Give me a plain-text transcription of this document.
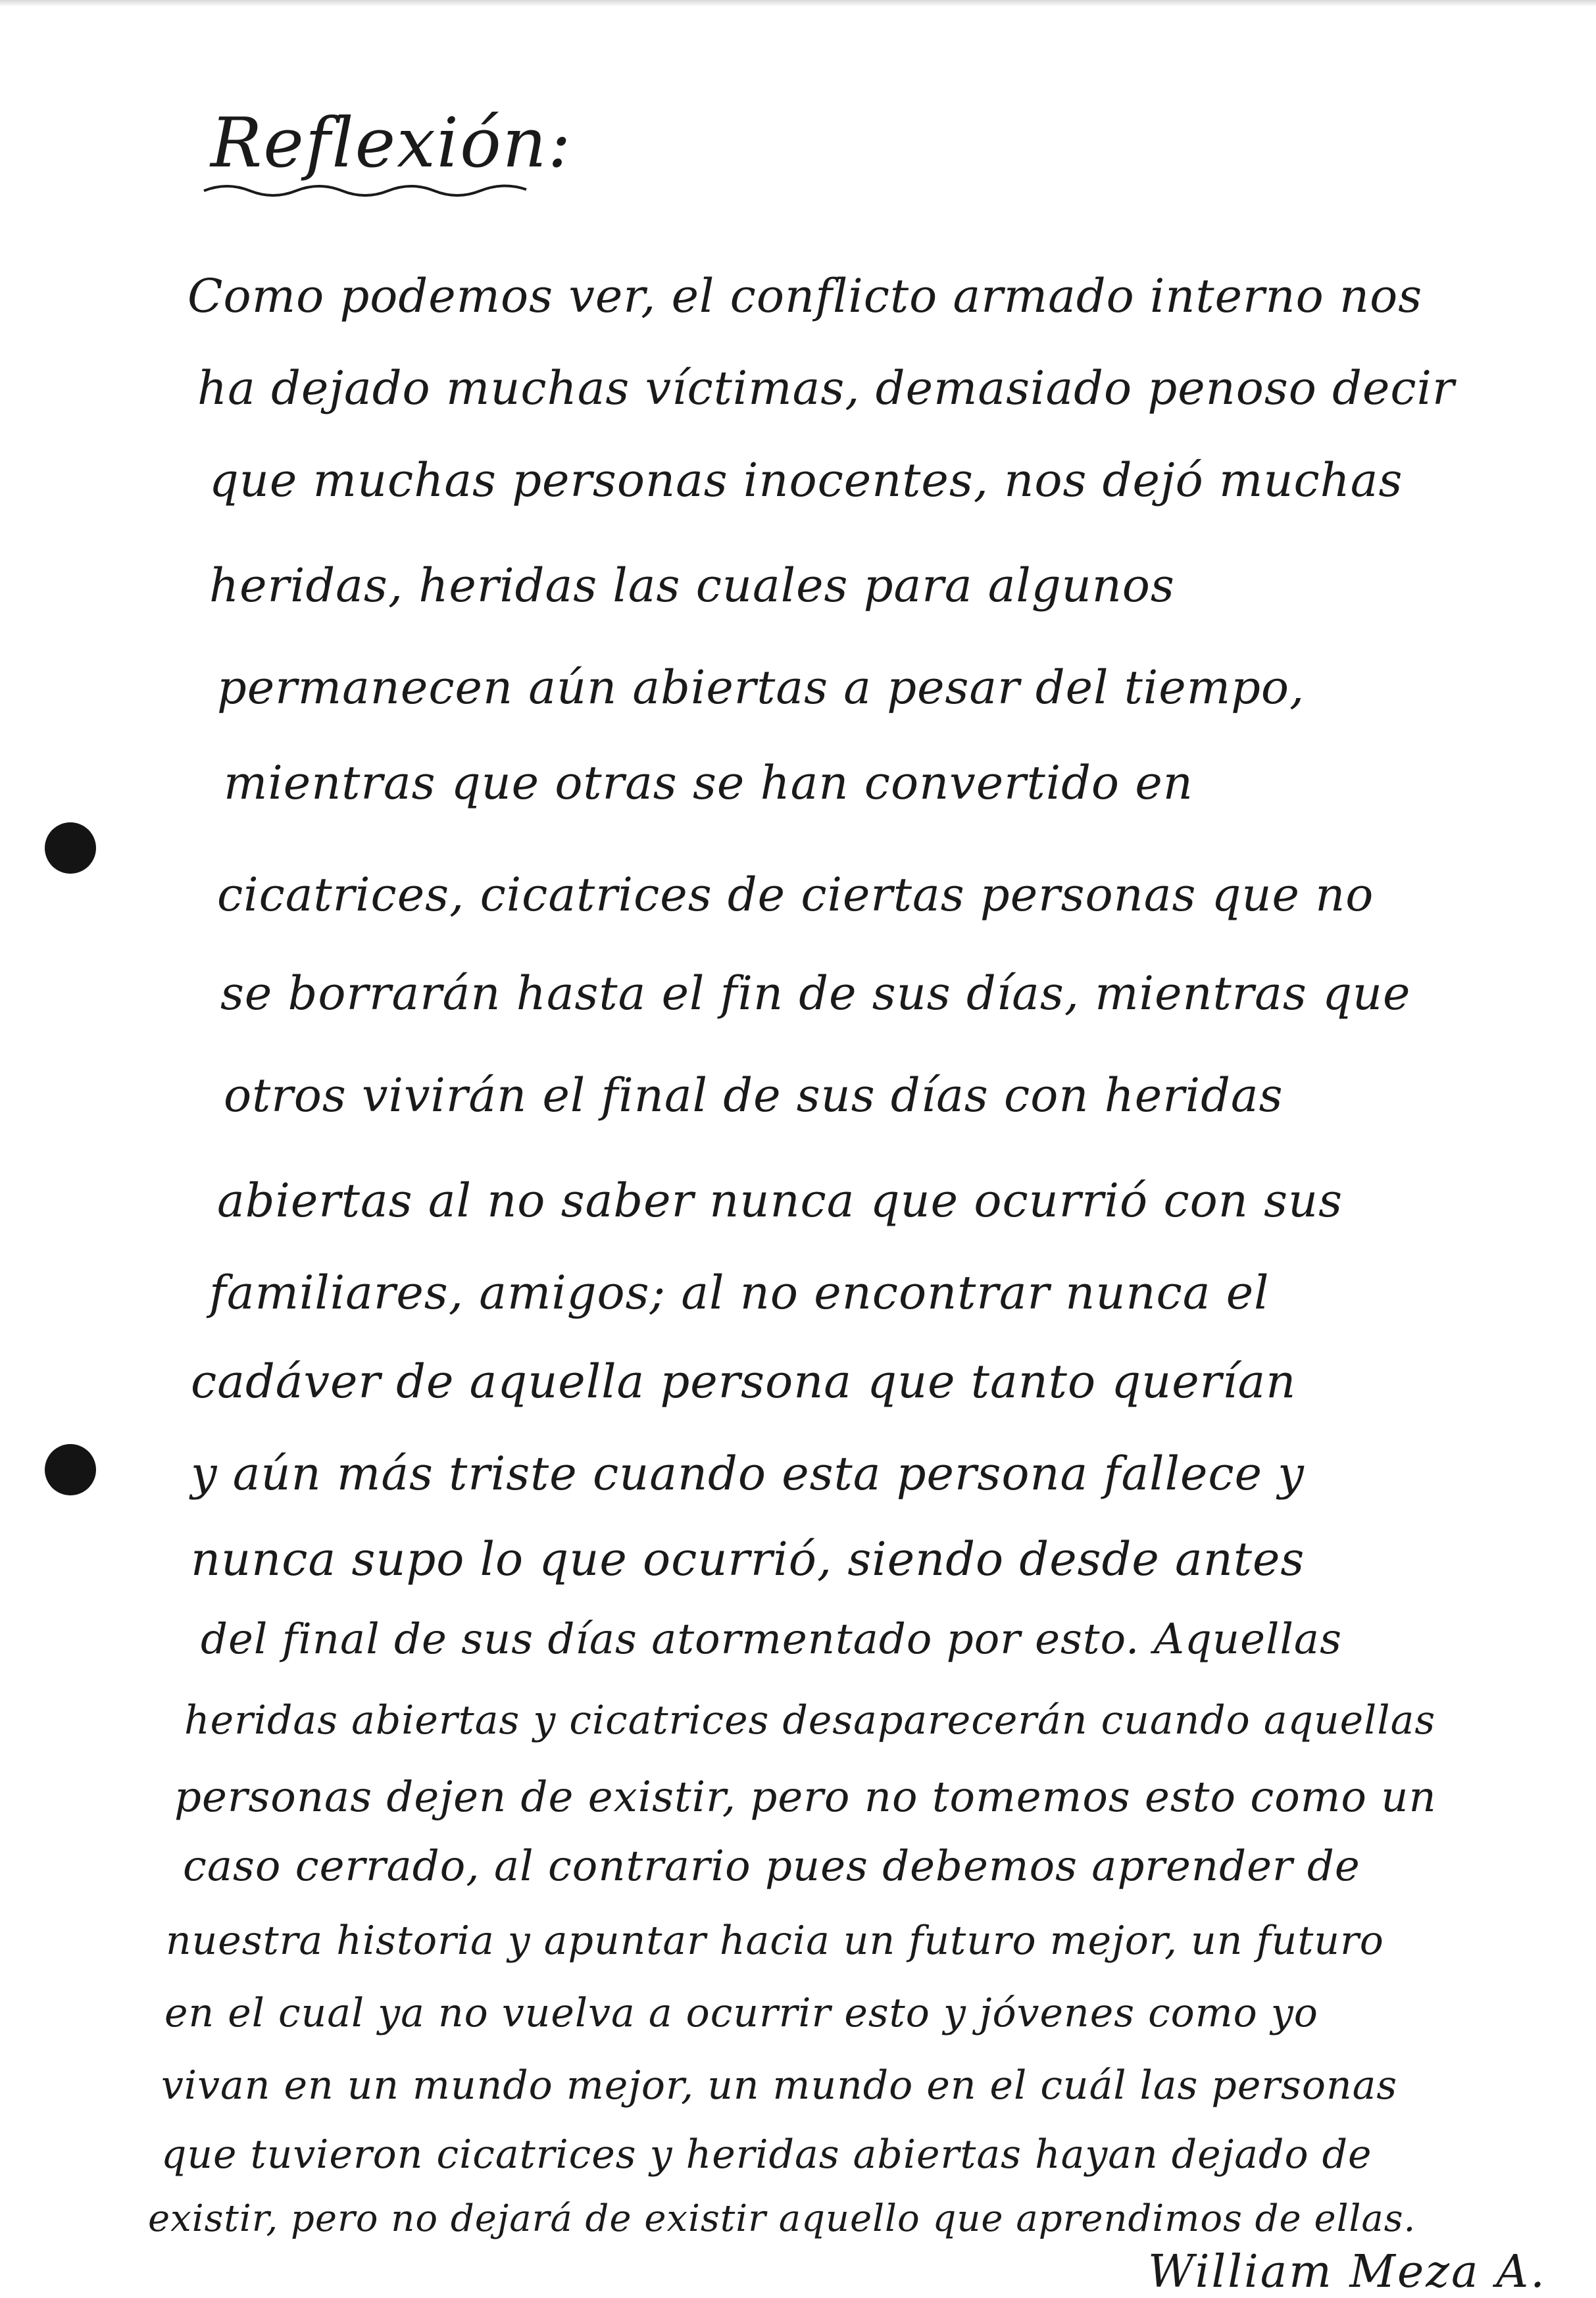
Reflexión:
Como podemos ver, el conflicto armado interno nos
ha dejado muchas víctimas, demasiado penoso decir
que muchas personas inocentes, nos dejó muchas
heridas, heridas las cuales para algunos
permanecen aún abiertas a pesar del tiempo,
mientras que otras se han convertido en
cicatrices, cicatrices de ciertas personas que no
se borrarán hasta el fin de sus días, mientras que
otros vivirán el final de sus días con heridas
abiertas al no saber nunca que ocurrió con sus
familiares, amigos; al no encontrar nunca el
cadáver de aquella persona que tanto querían
y aún más triste cuando esta persona fallece y
nunca supo lo que ocurrió, siendo desde antes
del final de sus días atormentado por esto. Aquellas
heridas abiertas y cicatrices desaparecerán cuando aquellas
personas dejen de existir, pero no tomemos esto como un
caso cerrado, al contrario pues debemos aprender de
nuestra historia y apuntar hacia un futuro mejor, un futuro
en el cual ya no vuelva a ocurrir esto y jóvenes como yo
vivan en un mundo mejor, un mundo en el cuál las personas
que tuvieron cicatrices y heridas abiertas hayan dejado de
existir, pero no dejará de existir aquello que aprendimos de ellas.
William Meza A.
